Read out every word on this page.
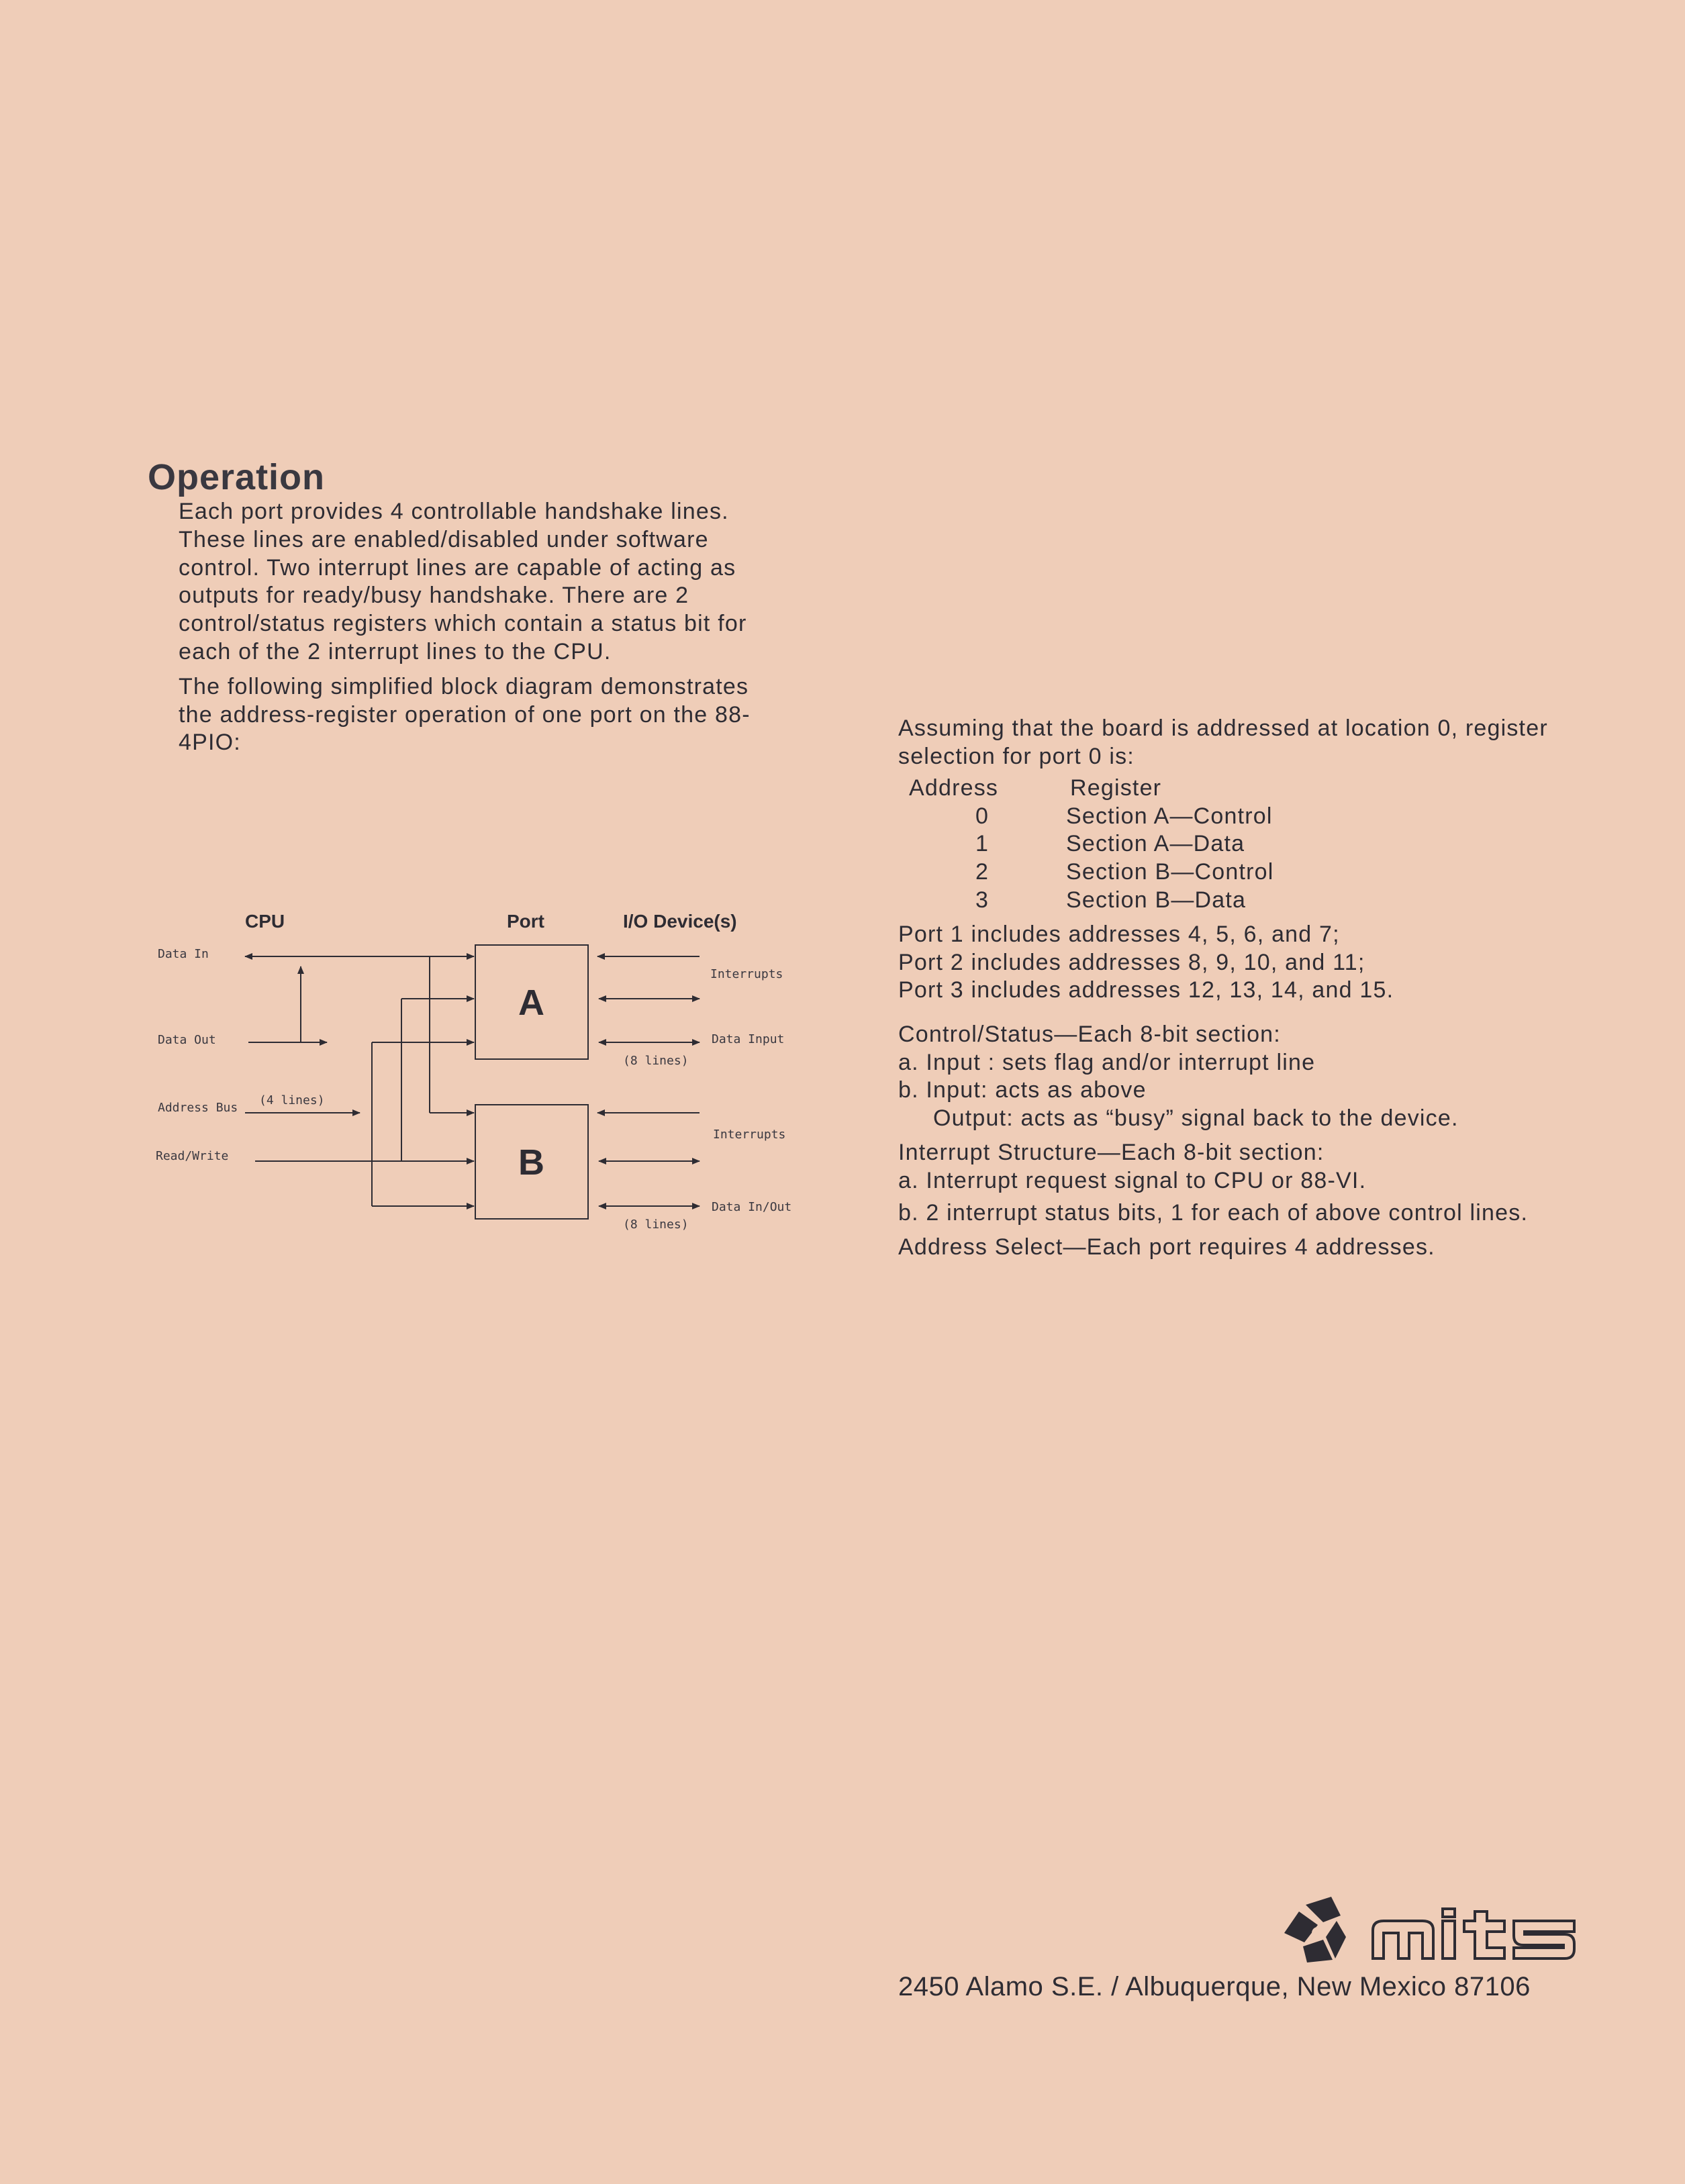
Operation

Each port provides 4 controllable handshake lines. These lines are enabled/disabled under software control. Two interrupt lines are capable of acting as outputs for ready/busy handshake. There are 2 control/status registers which contain a status bit for each of the 2 interrupt lines to the CPU.

The following simplified block diagram demonstrates the address-register operation of one port on the 88-4PIO:

CPU	Port	I/O Device(s)
Data In
Data Out
Address Bus
(4 lines)
Read/Write
A
B
Interrupts
Data Input
(8 lines)
Interrupts
Data In/Out
(8 lines)

Assuming that the board is addressed at location 0, register selection for port 0 is:

Address	Register
0	Section A—Control
1	Section A—Data
2	Section B—Control
3	Section B—Data

Port 1 includes addresses 4, 5, 6, and 7;

Port 2 includes addresses 8, 9, 10, and 11;

Port 3 includes addresses 12, 13, 14, and 15.

Control/Status—Each 8-bit section:

a. Input : sets flag and/or interrupt line

b. Input: acts as above

Output: acts as “busy” signal back to the device.

Interrupt Structure—Each 8-bit section:

a. Interrupt request signal to CPU or 88-VI.

b. 2 interrupt status bits, 1 for each of above control lines.

Address Select—Each port requires 4 addresses.

2450 Alamo S.E. / Albuquerque, New Mexico 87106
